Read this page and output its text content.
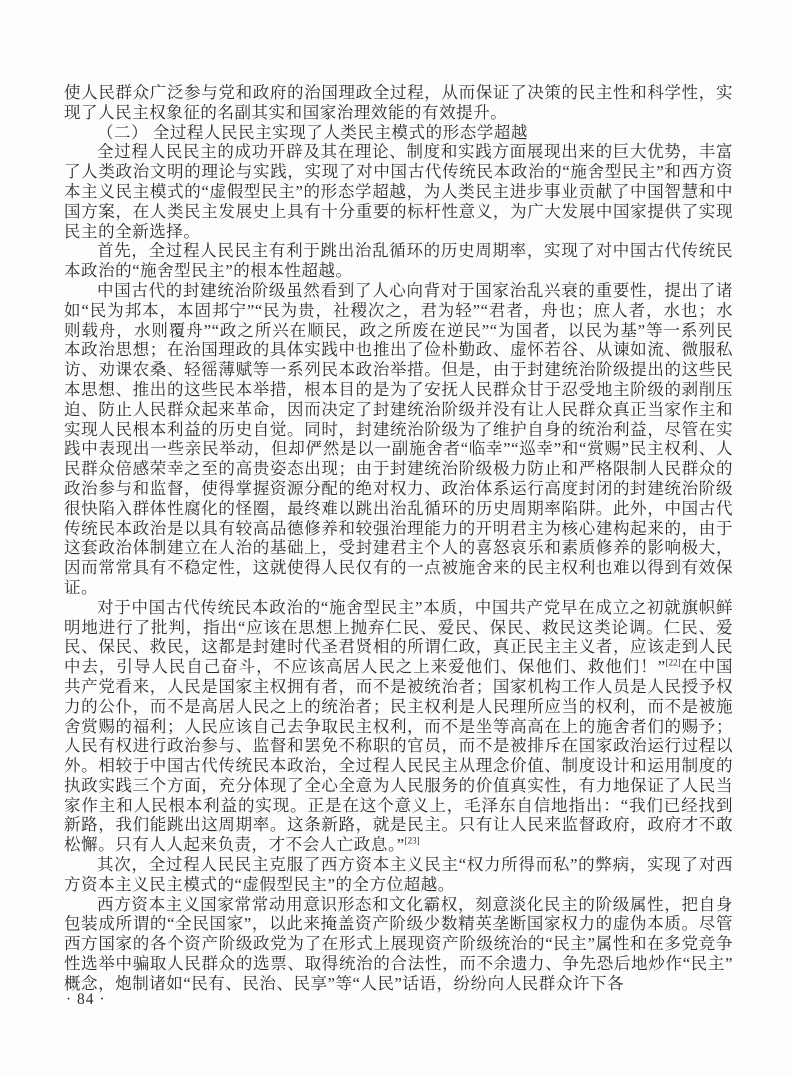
使人民群众广泛参与党和政府的治国理政全过程，从而保证了决策的民主性和科学性，实现了人民主权象征的名副其实和国家治理效能的有效提升。

（二） 全过程人民民主实现了人类民主模式的形态学超越

全过程人民民主的成功开辟及其在理论、制度和实践方面展现出来的巨大优势，丰富了人类政治文明的理论与实践，实现了对中国古代传统民本政治的“施舍型民主”和西方资本主义民主模式的“虚假型民主”的形态学超越，为人类民主进步事业贡献了中国智慧和中国方案，在人类民主发展史上具有十分重要的标杆性意义，为广大发展中国家提供了实现民主的全新选择。

首先，全过程人民民主有利于跳出治乱循环的历史周期率，实现了对中国古代传统民本政治的“施舍型民主”的根本性超越。

中国古代的封建统治阶级虽然看到了人心向背对于国家治乱兴衰的重要性，提出了诸如“民为邦本，本固邦宁”“民为贵，社稷次之，君为轻”“君者，舟也；庶人者，水也；水则载舟，水则覆舟”“政之所兴在顺民，政之所废在逆民”“为国者，以民为基”等一系列民本政治思想；在治国理政的具体实践中也推出了俭朴勤政、虚怀若谷、从谏如流、微服私访、劝课农桑、轻徭薄赋等一系列民本政治举措。但是，由于封建统治阶级提出的这些民本思想、推出的这些民本举措，根本目的是为了安抚人民群众甘于忍受地主阶级的剥削压迫、防止人民群众起来革命，因而决定了封建统治阶级并没有让人民群众真正当家作主和实现人民根本利益的历史自觉。同时，封建统治阶级为了维护自身的统治利益，尽管在实践中表现出一些亲民举动，但却俨然是以一副施舍者“临幸”“巡幸”和“赏赐”民主权利、人民群众倍感荣幸之至的高贵姿态出现；由于封建统治阶级极力防止和严格限制人民群众的政治参与和监督，使得掌握资源分配的绝对权力、政治体系运行高度封闭的封建统治阶级很快陷入群体性腐化的怪圈，最终难以跳出治乱循环的历史周期率陷阱。此外，中国古代传统民本政治是以具有较高品德修养和较强治理能力的开明君主为核心建构起来的，由于这套政治体制建立在人治的基础上，受封建君主个人的喜怒哀乐和素质修养的影响极大，因而常常具有不稳定性，这就使得人民仅有的一点被施舍来的民主权利也难以得到有效保证。

对于中国古代传统民本政治的“施舍型民主”本质，中国共产党早在成立之初就旗帜鲜明地进行了批判，指出“应该在思想上抛弃仁民、爱民、保民、救民这类论调。仁民、爱民、保民、救民，这都是封建时代圣君贤相的所谓仁政，真正民主主义者，应该走到人民中去，引导人民自己奋斗，不应该高居人民之上来爱他们、保他们、救他们！”[22]在中国共产党看来，人民是国家主权拥有者，而不是被统治者；国家机构工作人员是人民授予权力的公仆，而不是高居人民之上的统治者；民主权利是人民理所应当的权利，而不是被施舍赏赐的福利；人民应该自己去争取民主权利，而不是坐等高高在上的施舍者们的赐予；人民有权进行政治参与、监督和罢免不称职的官员，而不是被排斥在国家政治运行过程以外。相较于中国古代传统民本政治，全过程人民民主从理念价值、制度设计和运用制度的执政实践三个方面，充分体现了全心全意为人民服务的价值真实性，有力地保证了人民当家作主和人民根本利益的实现。正是在这个意义上，毛泽东自信地指出：“我们已经找到新路，我们能跳出这周期率。这条新路，就是民主。只有让人民来监督政府，政府才不敢松懈。只有人人起来负责，才不会人亡政息。”[23]

其次，全过程人民民主克服了西方资本主义民主“权力所得而私”的弊病，实现了对西方资本主义民主模式的“虚假型民主”的全方位超越。

西方资本主义国家常常动用意识形态和文化霸权，刻意淡化民主的阶级属性，把自身包装成所谓的“全民国家”，以此来掩盖资产阶级少数精英垄断国家权力的虚伪本质。尽管西方国家的各个资产阶级政党为了在形式上展现资产阶级统治的“民主”属性和在多党竞争性选举中骗取人民群众的选票、取得统治的合法性，而不余遗力、争先恐后地炒作“民主”概念，炮制诸如“民有、民治、民享”等“人民”话语，纷纷向人民群众许下各

· 84 ·
